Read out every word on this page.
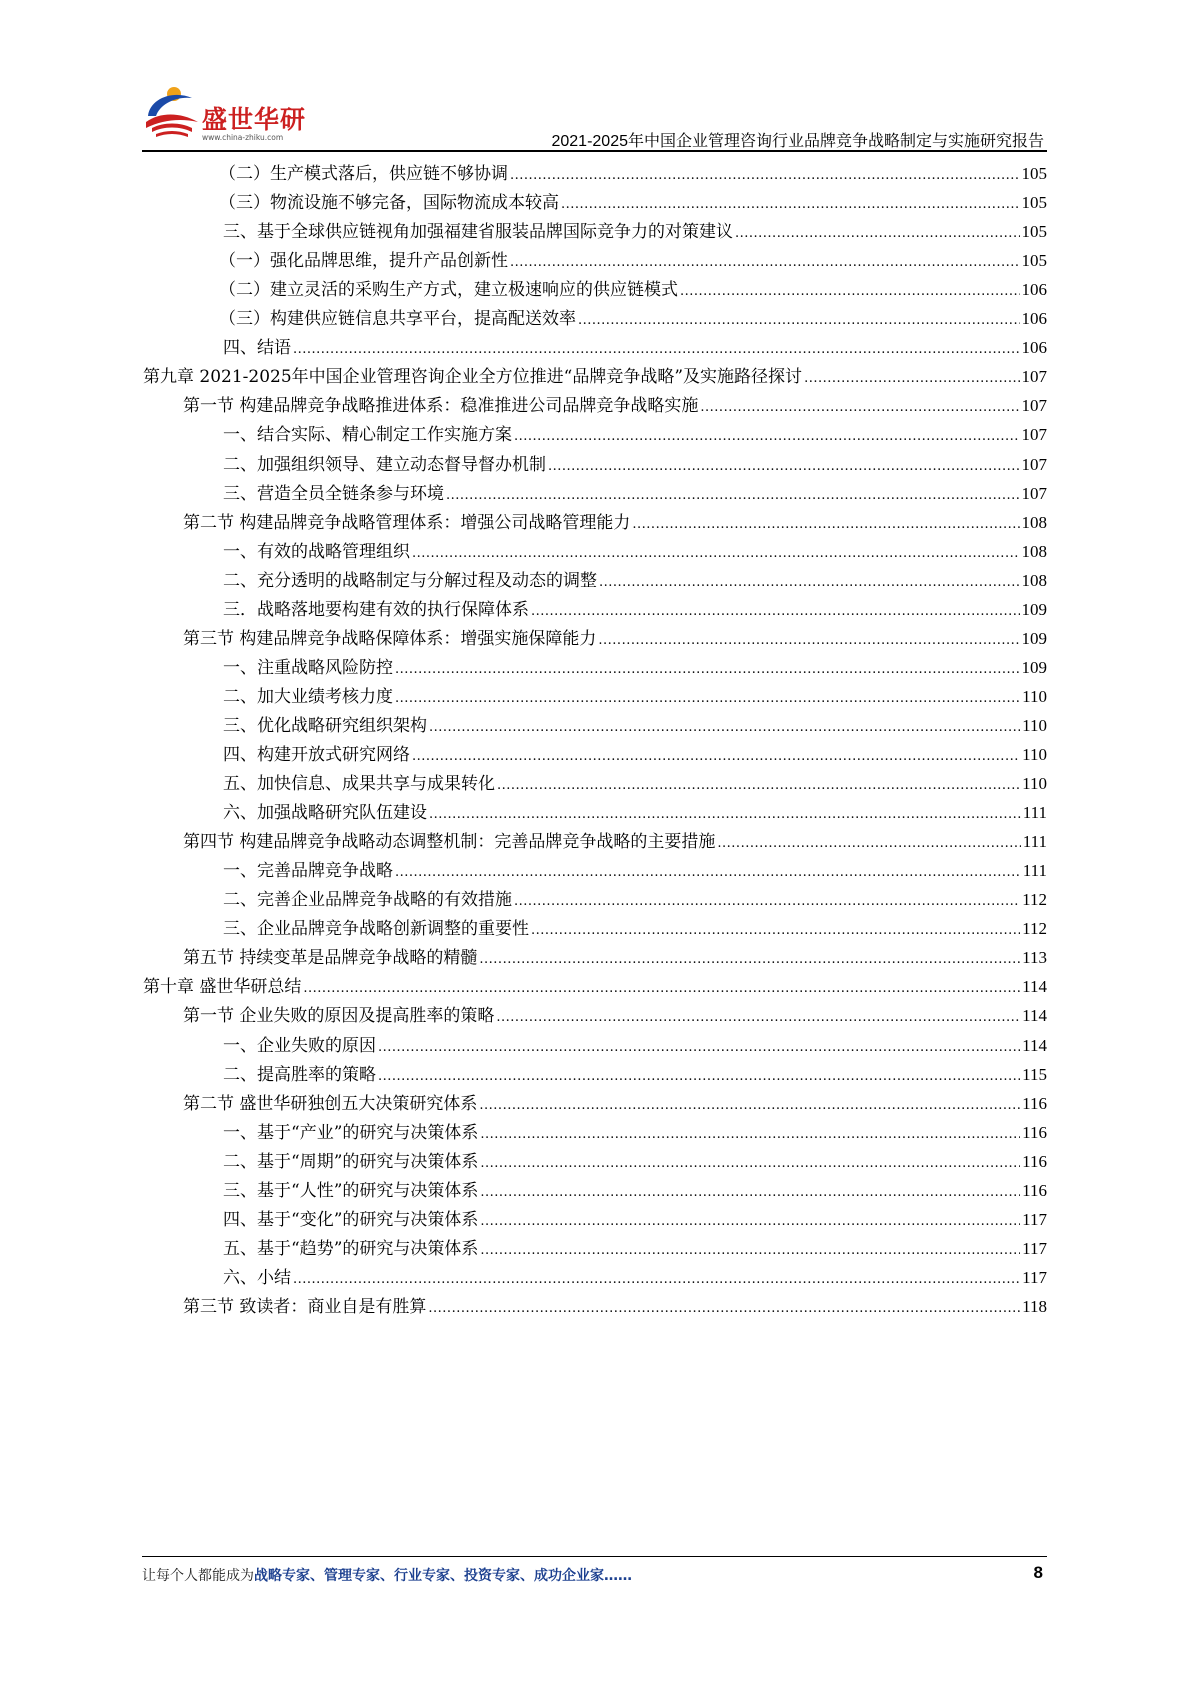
盛世华研
www.china-zhiku.com	2021-2025年中国企业管理咨询行业品牌竞争战略制定与实施研究报告
（二）生产模式落后，供应链不够协调 .....	105
（三）物流设施不够完备，国际物流成本较高 .....	105
三、基于全球供应链视角加强福建省服装品牌国际竞争力的对策建议 .....	105
（一）强化品牌思维，提升产品创新性 .....	105
（二）建立灵活的采购生产方式，建立极速响应的供应链模式 .....	106
（三）构建供应链信息共享平台，提高配送效率 .....	106
四、结语 .....	106
第九章 2021-2025年中国企业管理咨询企业全方位推进“品牌竞争战略”及实施路径探讨 .....	107
第一节 构建品牌竞争战略推进体系：稳准推进公司品牌竞争战略实施 .....	107
一、结合实际、精心制定工作实施方案 .....	107
二、加强组织领导、建立动态督导督办机制 .....	107
三、营造全员全链条参与环境 .....	107
第二节 构建品牌竞争战略管理体系：增强公司战略管理能力 .....	108
一、有效的战略管理组织 .....	108
二、充分透明的战略制定与分解过程及动态的调整 .....	108
三．战略落地要构建有效的执行保障体系 .....	109
第三节 构建品牌竞争战略保障体系：增强实施保障能力 .....	109
一、注重战略风险防控 .....	109
二、加大业绩考核力度 .....	110
三、优化战略研究组织架构 .....	110
四、构建开放式研究网络 .....	110
五、加快信息、成果共享与成果转化 .....	110
六、加强战略研究队伍建设 .....	111
第四节 构建品牌竞争战略动态调整机制：完善品牌竞争战略的主要措施 .....	111
一、完善品牌竞争战略 .....	111
二、完善企业品牌竞争战略的有效措施 .....	112
三、企业品牌竞争战略创新调整的重要性 .....	112
第五节 持续变革是品牌竞争战略的精髓 .....	113
第十章 盛世华研总结 .....	114
第一节 企业失败的原因及提高胜率的策略 .....	114
一、企业失败的原因 .....	114
二、提高胜率的策略 .....	115
第二节 盛世华研独创五大决策研究体系 .....	116
一、基于“产业”的研究与决策体系 .....	116
二、基于“周期”的研究与决策体系 .....	116
三、基于“人性”的研究与决策体系 .....	116
四、基于“变化”的研究与决策体系 .....	117
五、基于“趋势”的研究与决策体系 .....	117
六、小结 .....	117
第三节 致读者：商业自是有胜算 .....	118
让每个人都能成为战略专家、管理专家、行业专家、投资专家、成功企业家……	8
